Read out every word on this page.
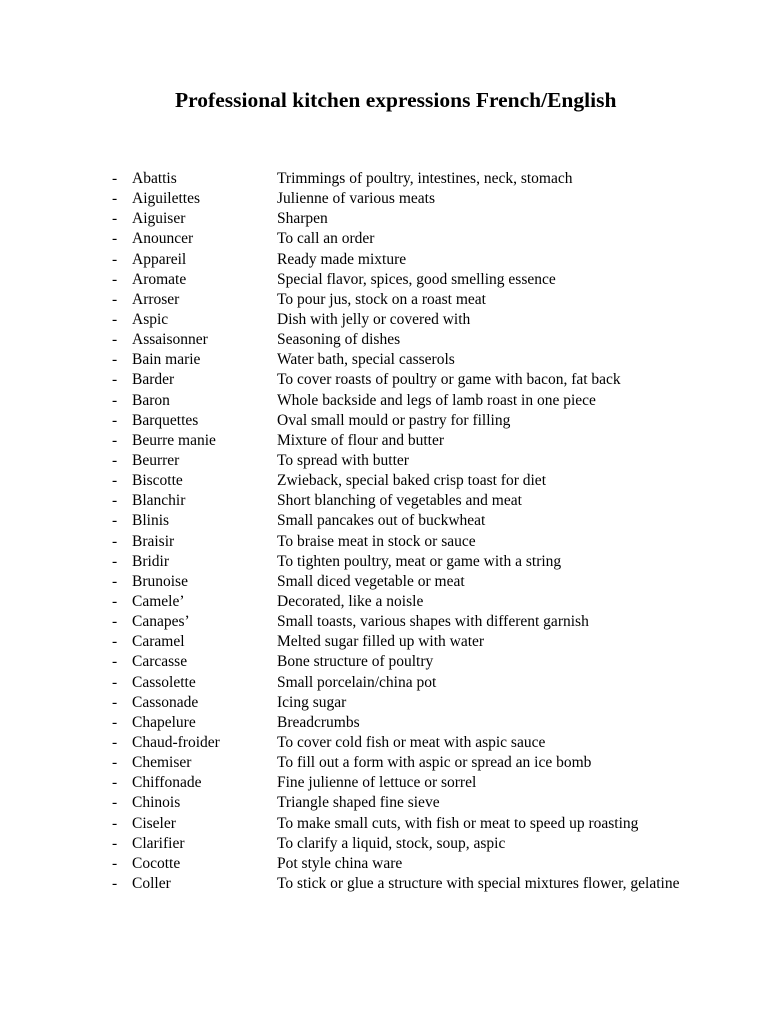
Professional kitchen expressions French/English
- Abattis	Trimmings of poultry, intestines, neck, stomach
- Aiguilettes	Julienne of various meats
- Aiguiser	Sharpen
- Anouncer	To call an order
- Appareil	Ready made mixture
- Aromate	Special flavor, spices, good smelling essence
- Arroser	To pour jus, stock on a roast meat
- Aspic	Dish with jelly or covered with
- Assaisonner	Seasoning of dishes
- Bain marie	Water bath, special casserols
- Barder	To cover roasts of poultry or game with bacon, fat back
- Baron	Whole backside and legs of lamb roast in one piece
- Barquettes	Oval small mould or pastry for filling
- Beurre manie	Mixture of flour and butter
- Beurrer	To spread with butter
- Biscotte	Zwieback, special baked crisp toast for diet
- Blanchir	Short blanching of vegetables and meat
- Blinis	Small pancakes out of buckwheat
- Braisir	To braise meat in stock or sauce
- Bridir	To tighten poultry, meat or game with a string
- Brunoise	Small diced vegetable or meat
- Camele’	Decorated, like a noisle
- Canapes’	Small toasts, various shapes with different garnish
- Caramel	Melted sugar filled up with water
- Carcasse	Bone structure of poultry
- Cassolette	Small porcelain/china pot
- Cassonade	Icing sugar
- Chapelure	Breadcrumbs
- Chaud-froider	To cover cold fish or meat with aspic sauce
- Chemiser	To fill out a form with aspic or spread an ice bomb
- Chiffonade	Fine julienne of lettuce or sorrel
- Chinois	Triangle shaped fine sieve
- Ciseler	To make small cuts, with fish or meat to speed up roasting
- Clarifier	To clarify a liquid, stock, soup, aspic
- Cocotte	Pot style china ware
- Coller	To stick or glue a structure with special mixtures flower, gelatine
